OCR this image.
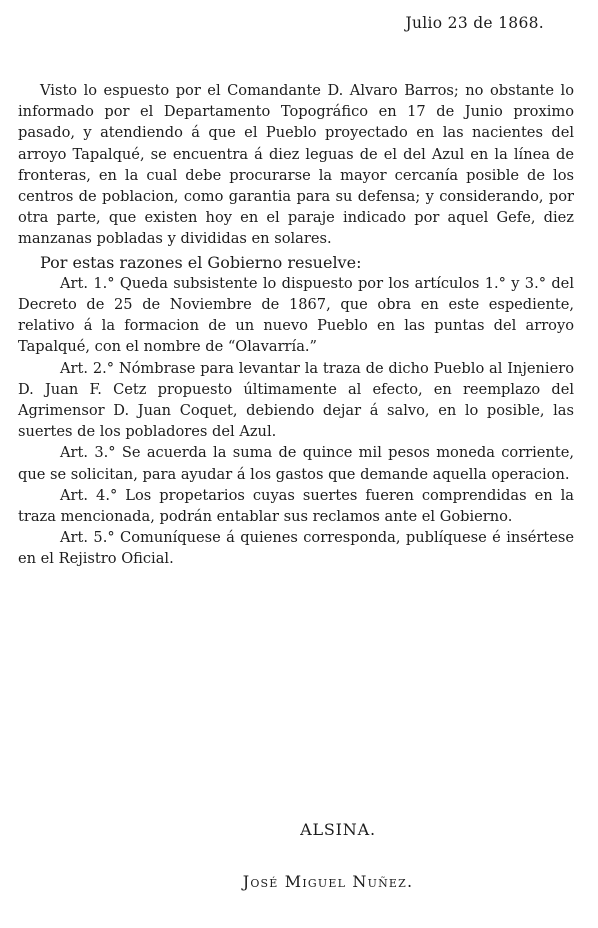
Julio 23 de 1868.

Visto lo espuesto por el Comandante D. Alvaro Barros; no obstante lo informado por el Departamento Topográfico en 17 de Junio proximo pasado, y atendiendo á que el Pueblo proyectado en las nacientes del arroyo Tapalqué, se encuentra á diez leguas de el del Azul en la línea de fronteras, en la cual debe procurarse la mayor cercanía posible de los centros de poblacion, como garantia para su defensa; y considerando, por otra parte, que existen hoy en el paraje indicado por aquel Gefe, diez manzanas pobladas y divididas en solares.

Por estas razones el Gobierno resuelve:

Art. 1.° Queda subsistente lo dispuesto por los artículos 1.° y 3.° del Decreto de 25 de Noviembre de 1867, que obra en este espediente, relativo á la formacion de un nuevo Pueblo en las puntas del arroyo Tapalqué, con el nombre de “Olavarría.”

Art. 2.° Nómbrase para levantar la traza de dicho Pueblo al Injeniero D. Juan F. Cetz propuesto últimamente al efecto, en reemplazo del Agrimensor D. Juan Coquet, debiendo dejar á salvo, en lo posible, las suertes de los pobladores del Azul.

Art. 3.° Se acuerda la suma de quince mil pesos moneda corriente, que se solicitan, para ayudar á los gastos que demande aquella operacion.

Art. 4.° Los propetarios cuyas suertes fueren comprendidas en la traza mencionada, podrán entablar sus reclamos ante el Gobierno.

Art. 5.° Comuníquese á quienes corresponda, publíquese é insértese en el Rejistro Oficial.

ALSINA.
José Miguel Nuñez.
